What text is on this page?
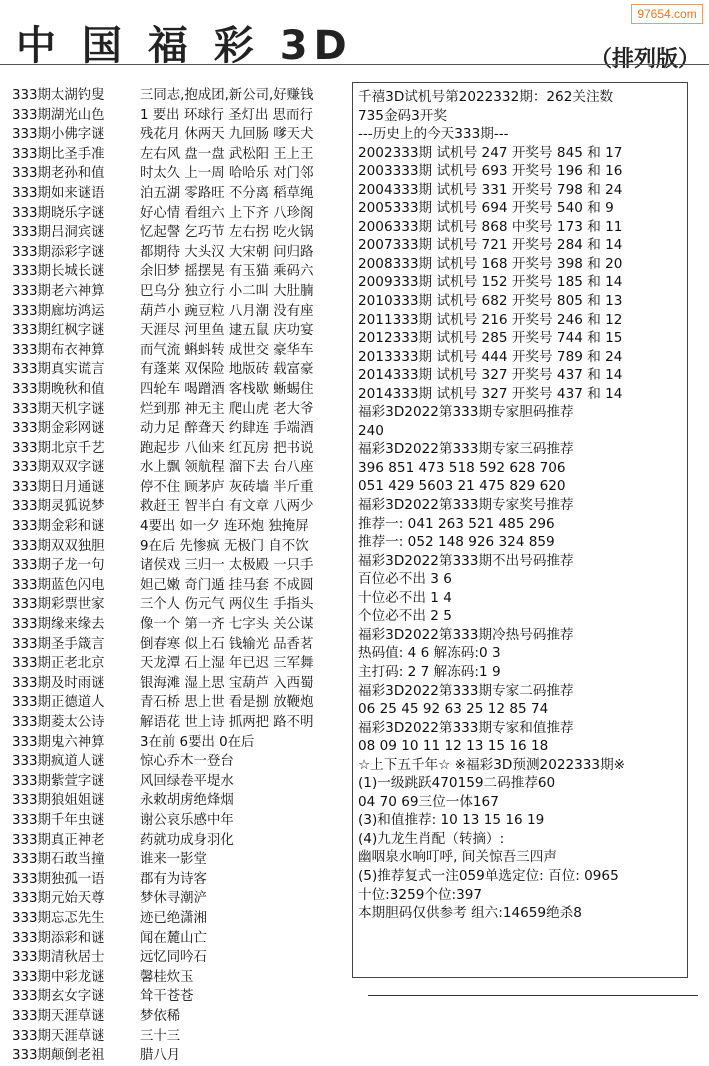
97654.com
中 国 福 彩 3D	（排列版）
333期太湖钓叟	三同志,抱成团,新公司,好赚钱
333期湖光山色	1 要出 环球行 圣灯出 思而行
333期小佛字谜	残花月 休两天 九回肠 嗲天犬
333期比圣手准	左右风 盘一盘 武松阳 王上王
333期老孙和值	时太久 上一周 哈哈乐 对门邻
333期如来谜语	泊五湖 零路旺 不分离 稻草绳
333期晓乐字谜	好心情 看组六 上下齐 八珍阁
333期吕洞宾谜	忆起謦 乞巧节 左右拐 吃火锅
333期添彩字谜	都期待 大头汉 大宋朝 问归路
333期长城长谜	余旧梦 摇摆晃 有玉猫 乘码六
333期老六神算	巴乌分 独立行 小二叫 大肚腩
333期廊坊鸿运	葫芦小 豌豆粒 八月潮 没有座
333期红枫字谜	天涯尽 河里鱼 逮五鼠 庆功宴
333期布衣神算	而气流 蝌蚪转 成世交 豪华车
333期真实谎言	有蓬莱 双保险 地版砖 载富豪
333期晚秋和值	四轮车 喝蹭酒 客栈歇 蜥蜴住
333期天机字谜	烂到那 神无主 爬山虎 老大爷
333期金彩网谜	动力足 醉聋天 约肆连 手端酒
333期北京千艺	跑起步 八仙来 红瓦房 把书说
333期双双字谜	水上飘 领航程 溜下去 台八座
333期日月通谜	停不住 顾茅庐 灰砖墙 半斤重
333期灵狐说梦	救赶王 智半白 有文章 八两少
333期金彩和谜	4要出 如一夕 连环炮 独掩屏
333期双双独胆	9在后 先惨疯 无极门 自不饮
333期子龙一句	诸侯戏 三归一 太极殿 一只手
333期蓝色闪电	妲己嫩 奇门遁 挂马套 不成圆
333期彩票世家	三个人 伤元气 两仪生 手指头
333期缘来缘去	像一个 第一齐 七字头 关公谋
333期圣手箴言	倒春寒 似上石 钱输光 品香茗
333期正老北京	天龙潭 石上湿 年已迟 三军舞
333期及时雨谜	银海滩 湿上思 宝葫芦 入西蜀
333期正德道人	青石桥 思上世 看是捌 放鞭炮
333期菱太公诗	解语花 世上诗 抓两把 路不明
333期鬼六神算	3在前 6要出 0在后
333期疯道人谜	惊心乔木一登台
333期紫萱字谜	风回绿卷平堤水
333期狼姐姐谜	永敕胡虏绝烽烟
333期千年虫谜	谢公哀乐感中年
333期真正神老	药就功成身羽化
333期石敢当撞	谁来一影堂
333期独孤一语	郡有为诗客
333期元始天尊	梦休寻潮浐
333期忘忑先生	迹已绝潇湘
333期添彩和谜	闻在麓山亡
333期清秋居士	远忆同吟石
333期中彩龙谜	馨桂炊玉
333期玄女字谜	耸干苍苍
333期天涯草谜	梦依稀
333期天涯草谜	三十三
333期颠倒老祖	腊八月
千禧3D试机号第2022332期：262关注数
735金码3开奖
---历史上的今天333期---
2002333期 试机号 247 开奖号 845 和 17
2003333期 试机号 693 开奖号 196 和 16
2004333期 试机号 331 开奖号 798 和 24
2005333期 试机号 694 开奖号 540 和 9
2006333期 试机号 868 中奖号 173 和 11
2007333期 试机号 721 开奖号 284 和 14
2008333期 试机号 168 开奖号 398 和 20
2009333期 试机号 152 开奖号 185 和 14
2010333期 试机号 682 开奖号 805 和 13
2011333期 试机号 216 开奖号 246 和 12
2012333期 试机号 285 开奖号 744 和 15
2013333期 试机号 444 开奖号 789 和 24
2014333期 试机号 327 开奖号 437 和 14
2014333期 试机号 327 开奖号 437 和 14
福彩3D2022第333期专家胆码推荐
240
福彩3D2022第333期专家三码推荐
396 851 473 518 592 628 706
051 429 5603 21 475 829 620
福彩3D2022第333期专家奖号推荐
推荐一: 041 263 521 485 296
推荐一: 052 148 926 324 859
福彩3D2022第333期不出号码推荐
百位必不出 3 6
十位必不出 1 4
个位必不出 2 5
福彩3D2022第333期冷热号码推荐
热码值: 4 6 解冻码:0 3
主打码: 2 7 解冻码:1 9
福彩3D2022第333期专家二码推荐
06 25 45 92 63 25 12 85 74
福彩3D2022第333期专家和值推荐
08 09 10 11 12 13 15 16 18
☆上下五千年☆ ※福彩3D预测2022333期※
(1)一级跳跃470159二码推荐60
04 70 69三位一体167
(3)和值推荐: 10 13 15 16 19
(4)九龙生肖配（转摘）:
幽咽泉水响叮呼, 间关惊吾三四声
(5)推荐复式一注059单选定位: 百位: 0965
十位:3259个位:397
本期胆码仅供参考 组六:14659绝杀8
